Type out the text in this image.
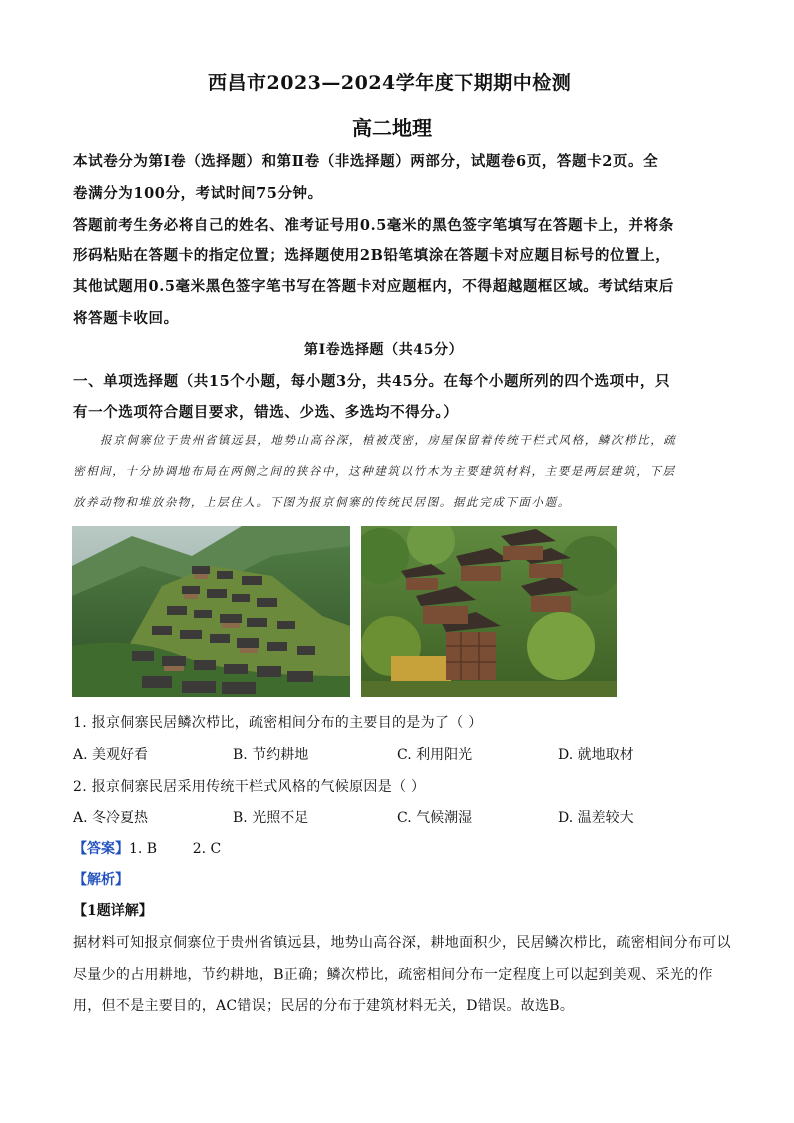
西昌市2023—2024学年度下期期中检测
高二地理
本试卷分为第Ⅰ卷（选择题）和第Ⅱ卷（非选择题）两部分，试题卷6页，答题卡2页。全
卷满分为100分，考试时间75分钟。
答题前考生务必将自己的姓名、准考证号用0.5毫米的黑色签字笔填写在答题卡上，并将条
形码粘贴在答题卡的指定位置；选择题使用2B铅笔填涂在答题卡对应题目标号的位置上，
其他试题用0.5毫米黑色签字笔书写在答题卡对应题框内，不得超越题框区域。考试结束后
将答题卡收回。
第Ⅰ卷选择题（共45分）
一、单项选择题（共15个小题，每小题3分，共45分。在每个小题所列的四个选项中，只
有一个选项符合题目要求，错选、少选、多选均不得分。）
报京侗寨位于贵州省镇远县，地势山高谷深，植被茂密，房屋保留着传统干栏式风格，鳞次栉比，疏
密相间，十分协调地布局在两侧之间的狭谷中，这种建筑以竹木为主要建筑材料，主要是两层建筑，下层
放养动物和堆放杂物，上层住人。下图为报京侗寨的传统民居图。据此完成下面小题。
1. 报京侗寨民居鳞次栉比，疏密相间分布的主要目的是为了（ ）
A. 美观好看	B. 节约耕地	C. 利用阳光	D. 就地取材
2. 报京侗寨民居采用传统干栏式风格的气候原因是（ ）
A. 冬冷夏热	B. 光照不足	C. 气候潮湿	D. 温差较大
【答案】1. B        2. C
【解析】
【1题详解】
据材料可知报京侗寨位于贵州省镇远县，地势山高谷深，耕地面积少，民居鳞次栉比，疏密相间分布可以
尽量少的占用耕地，节约耕地，B正确；鳞次栉比，疏密相间分布一定程度上可以起到美观、采光的作
用，但不是主要目的，AC错误；民居的分布于建筑材料无关，D错误。故选B。
